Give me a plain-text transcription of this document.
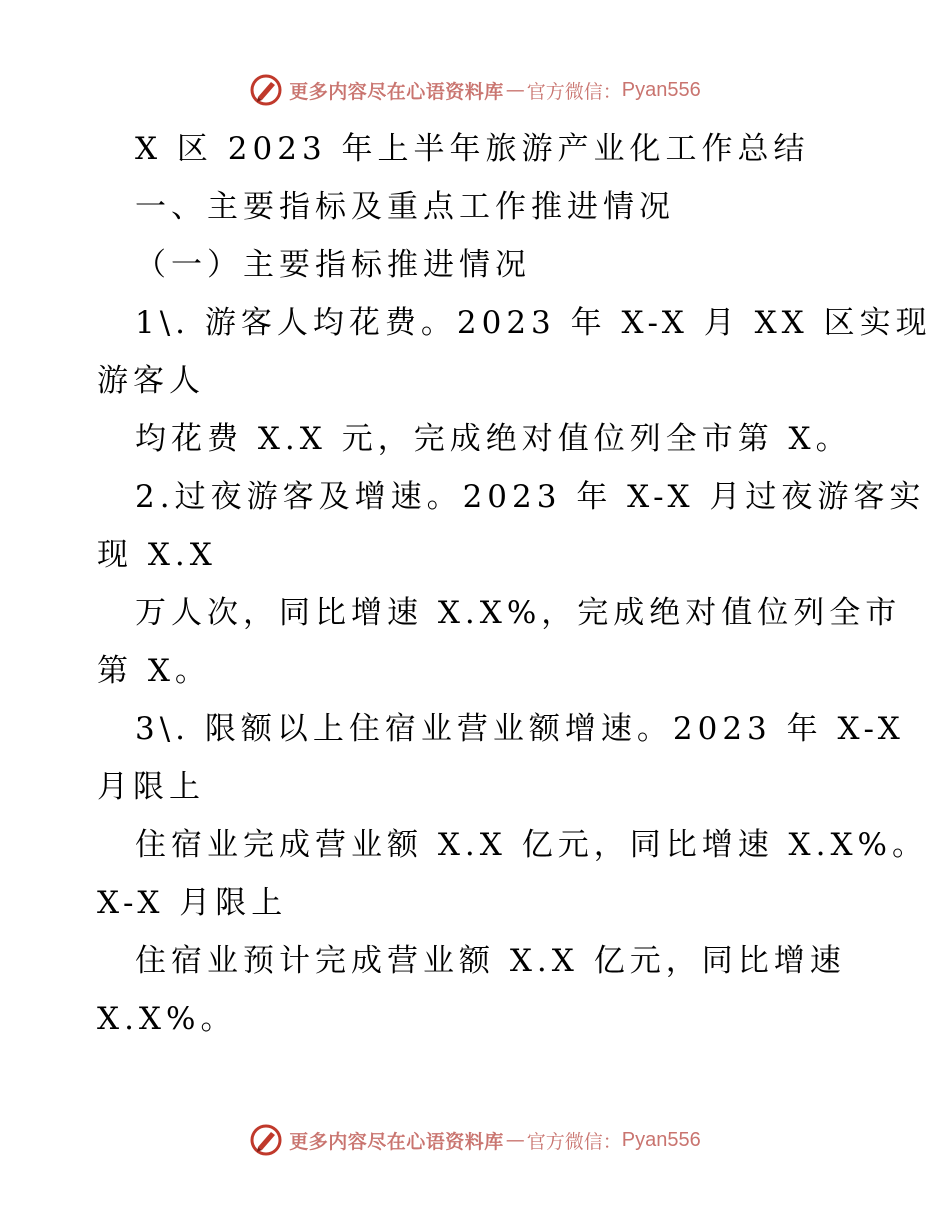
更多内容尽在心语资料库 — 官方微信： Pyan556
X 区 2023 年上半年旅游产业化工作总结
一、主要指标及重点工作推进情况
（一）主要指标推进情况
1\. 游客人均花费。2023 年 X-X 月 XX 区实现
游客人
均花费 X.X 元，完成绝对值位列全市第 X。
2.过夜游客及增速。2023 年 X-X 月过夜游客实
现 X.X
万人次，同比增速 X.X%，完成绝对值位列全市
第 X。
3\. 限额以上住宿业营业额增速。2023 年 X-X
月限上
住宿业完成营业额 X.X 亿元，同比增速 X.X%。
X-X 月限上
住宿业预计完成营业额 X.X 亿元，同比增速
X.X%。
更多内容尽在心语资料库 — 官方微信： Pyan556
